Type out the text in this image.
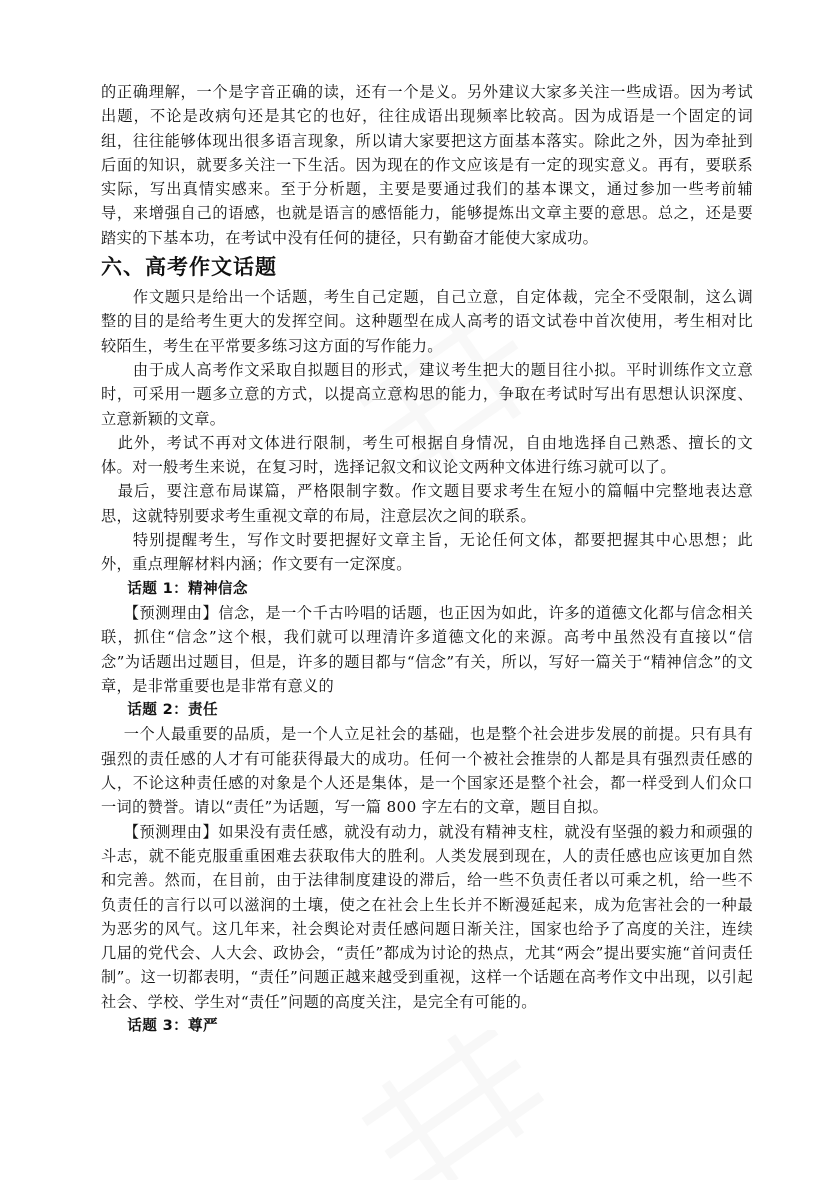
的正确理解，一个是字音正确的读，还有一个是义。另外建议大家多关注一些成语。因为考试出题，不论是改病句还是其它的也好，往往成语出现频率比较高。因为成语是一个固定的词组，往往能够体现出很多语言现象，所以请大家要把这方面基本落实。除此之外，因为牵扯到后面的知识，就要多关注一下生活。因为现在的作文应该是有一定的现实意义。再有，要联系实际，写出真情实感来。至于分析题，主要是要通过我们的基本课文，通过参加一些考前辅导，来增强自己的语感，也就是语言的感悟能力，能够提炼出文章主要的意思。总之，还是要踏实的下基本功，在考试中没有任何的捷径，只有勤奋才能使大家成功。

六、高考作文话题

作文题只是给出一个话题，考生自己定题，自己立意，自定体裁，完全不受限制，这么调整的目的是给考生更大的发挥空间。这种题型在成人高考的语文试卷中首次使用，考生相对比较陌生，考生在平常要多练习这方面的写作能力。

由于成人高考作文采取自拟题目的形式，建议考生把大的题目往小拟。平时训练作文立意时，可采用一题多立意的方式，以提高立意构思的能力，争取在考试时写出有思想认识深度、立意新颖的文章。

此外，考试不再对文体进行限制，考生可根据自身情况，自由地选择自己熟悉、擅长的文体。对一般考生来说，在复习时，选择记叙文和议论文两种文体进行练习就可以了。

最后，要注意布局谋篇，严格限制字数。作文题目要求考生在短小的篇幅中完整地表达意思，这就特别要求考生重视文章的布局，注意层次之间的联系。

特别提醒考生，写作文时要把握好文章主旨，无论任何文体，都要把握其中心思想；此外，重点理解材料内涵；作文要有一定深度。

话题 1：精神信念

【预测理由】信念，是一个千古吟唱的话题，也正因为如此，许多的道德文化都与信念相关联，抓住“信念”这个根，我们就可以理清许多道德文化的来源。高考中虽然没有直接以“信念”为话题出过题目，但是，许多的题目都与“信念”有关，所以，写好一篇关于“精神信念”的文章，是非常重要也是非常有意义的

话题 2：责任

一个人最重要的品质，是一个人立足社会的基础，也是整个社会进步发展的前提。只有具有强烈的责任感的人才有可能获得最大的成功。任何一个被社会推崇的人都是具有强烈责任感的人，不论这种责任感的对象是个人还是集体，是一个国家还是整个社会，都一样受到人们众口一词的赞誉。请以“责任”为话题，写一篇 800 字左右的文章，题目自拟。

【预测理由】如果没有责任感，就没有动力，就没有精神支柱，就没有坚强的毅力和顽强的斗志，就不能克服重重困难去获取伟大的胜利。人类发展到现在，人的责任感也应该更加自然和完善。然而，在目前，由于法律制度建设的滞后，给一些不负责任者以可乘之机，给一些不负责任的言行以可以滋润的土壤，使之在社会上生长并不断漫延起来，成为危害社会的一种最为恶劣的风气。这几年来，社会舆论对责任感问题日渐关注，国家也给予了高度的关注，连续几届的党代会、人大会、政协会，“责任”都成为讨论的热点，尤其“两会”提出要实施“首问责任制”。这一切都表明，“责任”问题正越来越受到重视，这样一个话题在高考作文中出现，以引起社会、学校、学生对“责任”问题的高度关注，是完全有可能的。

话题 3：尊严
